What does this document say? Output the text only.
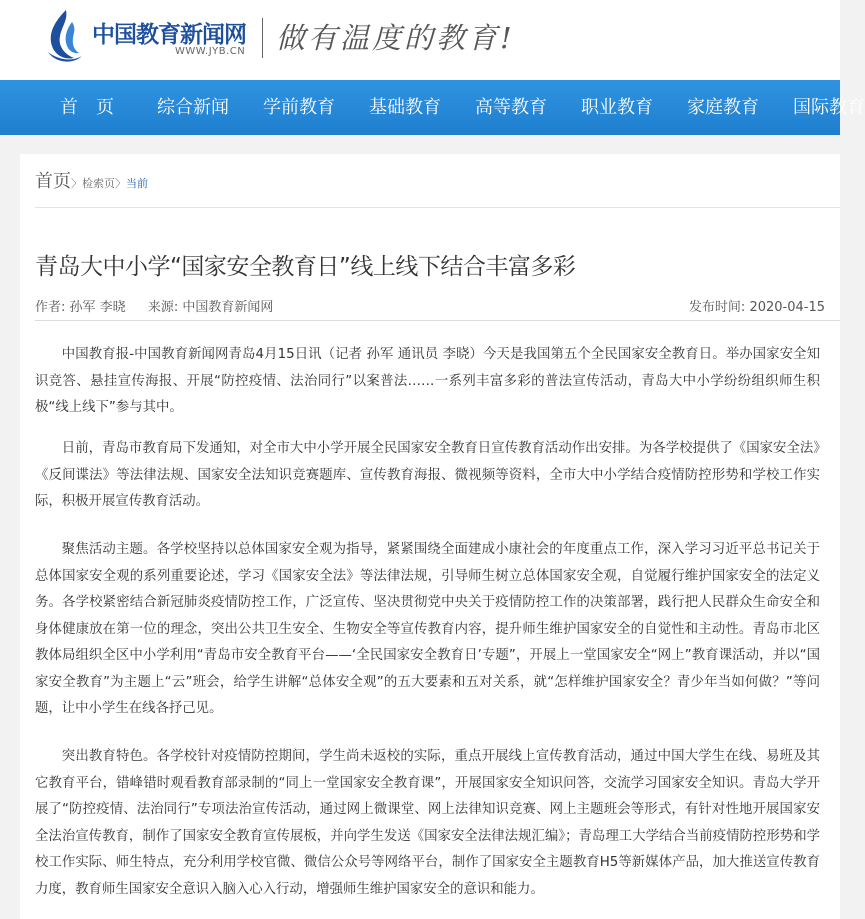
中国教育新闻网
WWW.JYB.CN 做有温度的教育!
首　页 综合新闻 学前教育 基础教育 高等教育 职业教育 家庭教育 国际教育
首页〉检索页〉当前
青岛大中小学“国家安全教育日”线上线下结合丰富多彩
作者: 孙军 李晓 来源: 中国教育新闻网	发布时间: 2020-04-15

中国教育报-中国教育新闻网青岛4月15日讯（记者 孙军 通讯员 李晓）今天是我国第五个全民国家安全教育日。举办国家安全知识竞答、悬挂宣传海报、开展“防控疫情、法治同行”以案普法……一系列丰富多彩的普法宣传活动，青岛大中小学纷纷组织师生积极“线上线下”参与其中。

日前，青岛市教育局下发通知，对全市大中小学开展全民国家安全教育日宣传教育活动作出安排。为各学校提供了《国家安全法》《反间谍法》等法律法规、国家安全法知识竞赛题库、宣传教育海报、微视频等资料，全市大中小学结合疫情防控形势和学校工作实际，积极开展宣传教育活动。

聚焦活动主题。各学校坚持以总体国家安全观为指导，紧紧围绕全面建成小康社会的年度重点工作，深入学习习近平总书记关于总体国家安全观的系列重要论述，学习《国家安全法》等法律法规，引导师生树立总体国家安全观，自觉履行维护国家安全的法定义务。各学校紧密结合新冠肺炎疫情防控工作，广泛宣传、坚决贯彻党中央关于疫情防控工作的决策部署，践行把人民群众生命安全和身体健康放在第一位的理念，突出公共卫生安全、生物安全等宣传教育内容，提升师生维护国家安全的自觉性和主动性。青岛市北区教体局组织全区中小学利用“青岛市安全教育平台——‘全民国家安全教育日’专题”，开展上一堂国家安全“网上”教育课活动，并以“国家安全教育”为主题上“云”班会，给学生讲解“总体安全观”的五大要素和五对关系，就“怎样维护国家安全？青少年当如何做？”等问题，让中小学生在线各抒己见。

突出教育特色。各学校针对疫情防控期间，学生尚未返校的实际，重点开展线上宣传教育活动，通过中国大学生在线、易班及其它教育平台，错峰错时观看教育部录制的“同上一堂国家安全教育课”，开展国家安全知识问答，交流学习国家安全知识。青岛大学开展了“防控疫情、法治同行”专项法治宣传活动，通过网上微课堂、网上法律知识竞赛、网上主题班会等形式，有针对性地开展国家安全法治宣传教育，制作了国家安全教育宣传展板，并向学生发送《国家安全法律法规汇编》；青岛理工大学结合当前疫情防控形势和学校工作实际、师生特点，充分利用学校官微、微信公众号等网络平台，制作了国家安全主题教育H5等新媒体产品，加大推送宣传教育力度，教育师生国家安全意识入脑入心入行动，增强师生维护国家安全的意识和能力。
